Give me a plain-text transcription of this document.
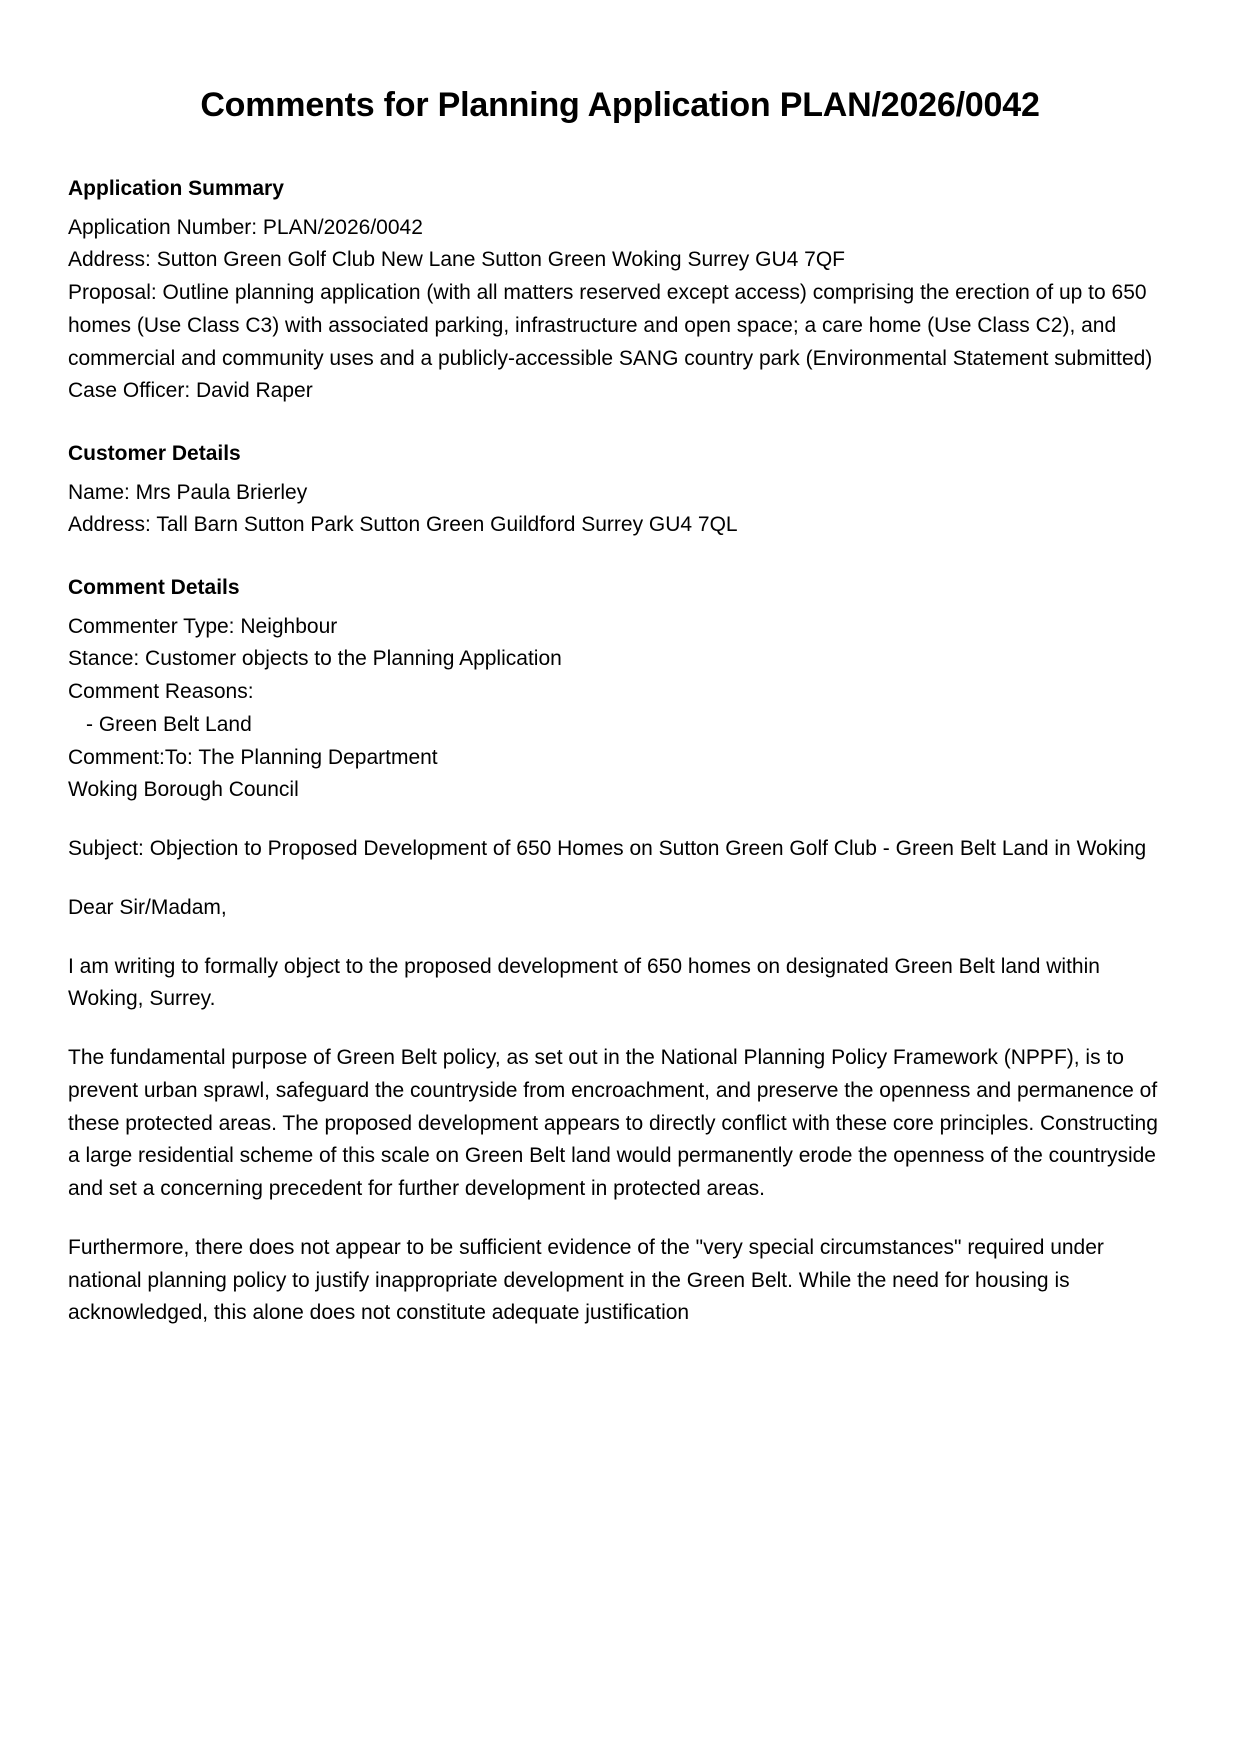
Comments for Planning Application PLAN/2026/0042
Application Summary

Application Number: PLAN/2026/0042

Address: Sutton Green Golf Club New Lane Sutton Green Woking Surrey GU4 7QF

Proposal: Outline planning application (with all matters reserved except access) comprising the erection of up to 650 homes (Use Class C3) with associated parking, infrastructure and open space; a care home (Use Class C2), and commercial and community uses and a publicly-accessible SANG country park (Environmental Statement submitted)

Case Officer: David Raper

Customer Details

Name: Mrs Paula Brierley

Address: Tall Barn Sutton Park Sutton Green Guildford Surrey GU4 7QL

Comment Details

Commenter Type: Neighbour

Stance: Customer objects to the Planning Application

Comment Reasons:

- Green Belt Land

Comment:To: The Planning Department

Woking Borough Council

Subject: Objection to Proposed Development of 650 Homes on Sutton Green Golf Club - Green Belt Land in Woking

Dear Sir/Madam,

I am writing to formally object to the proposed development of 650 homes on designated Green Belt land within Woking, Surrey.

The fundamental purpose of Green Belt policy, as set out in the National Planning Policy Framework (NPPF), is to prevent urban sprawl, safeguard the countryside from encroachment, and preserve the openness and permanence of these protected areas. The proposed development appears to directly conflict with these core principles. Constructing a large residential scheme of this scale on Green Belt land would permanently erode the openness of the countryside and set a concerning precedent for further development in protected areas.

Furthermore, there does not appear to be sufficient evidence of the "very special circumstances" required under national planning policy to justify inappropriate development in the Green Belt. While the need for housing is acknowledged, this alone does not constitute adequate justification
